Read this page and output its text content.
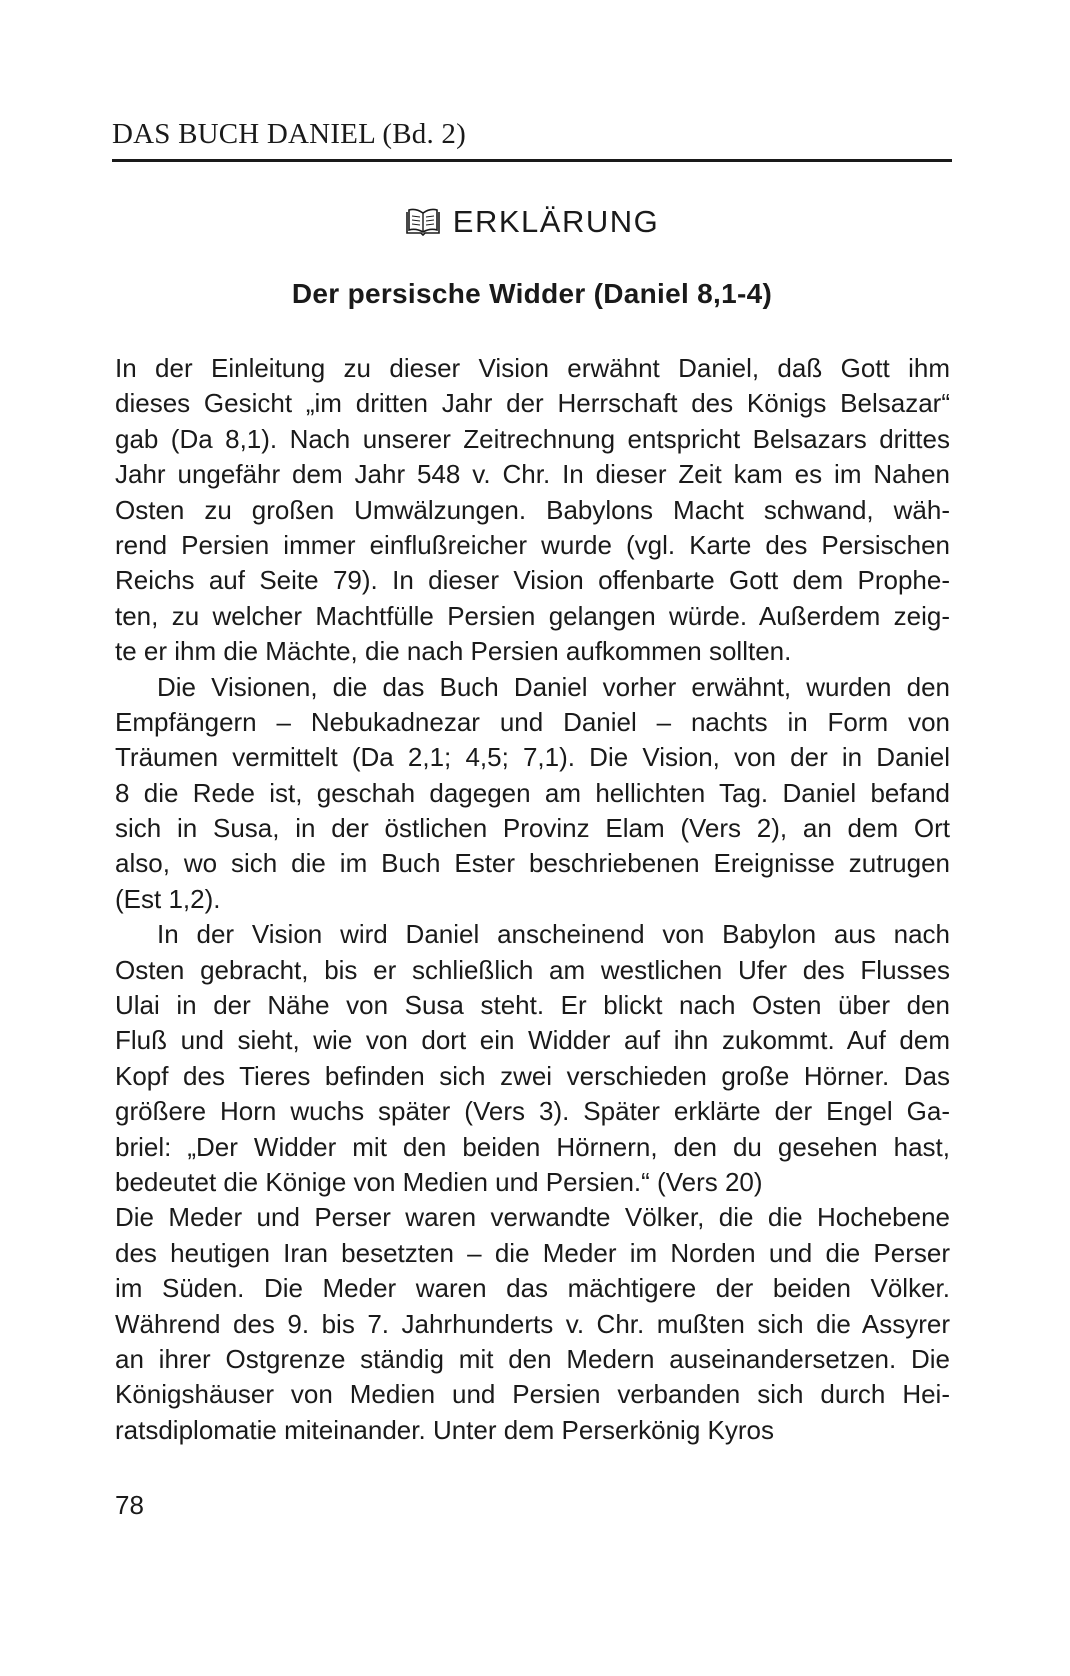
DAS BUCH DANIEL (Bd. 2)
ERKLÄRUNG
Der persische Widder (Daniel 8,1-4)
In der Einleitung zu dieser Vision erwähnt Daniel, daß Gott ihm
dieses Gesicht „im dritten Jahr der Herrschaft des Königs Belsazar“
gab (Da 8,1). Nach unserer Zeitrechnung entspricht Belsazars drittes
Jahr ungefähr dem Jahr 548 v. Chr. In dieser Zeit kam es im Nahen
Osten zu großen Umwälzungen. Babylons Macht schwand, wäh-
rend Persien immer einflußreicher wurde (vgl. Karte des Persischen
Reichs auf Seite 79). In dieser Vision offenbarte Gott dem Prophe-
ten, zu welcher Machtfülle Persien gelangen würde. Außerdem zeig-
te er ihm die Mächte, die nach Persien aufkommen sollten.
Die Visionen, die das Buch Daniel vorher erwähnt, wurden den
Empfängern – Nebukadnezar und Daniel – nachts in Form von
Träumen vermittelt (Da 2,1; 4,5; 7,1). Die Vision, von der in Daniel
8 die Rede ist, geschah dagegen am hellichten Tag. Daniel befand
sich in Susa, in der östlichen Provinz Elam (Vers 2), an dem Ort
also, wo sich die im Buch Ester beschriebenen Ereignisse zutrugen
(Est 1,2).
In der Vision wird Daniel anscheinend von Babylon aus nach
Osten gebracht, bis er schließlich am westlichen Ufer des Flusses
Ulai in der Nähe von Susa steht. Er blickt nach Osten über den
Fluß und sieht, wie von dort ein Widder auf ihn zukommt. Auf dem
Kopf des Tieres befinden sich zwei verschieden große Hörner. Das
größere Horn wuchs später (Vers 3). Später erklärte der Engel Ga-
briel: „Der Widder mit den beiden Hörnern, den du gesehen hast,
bedeutet die Könige von Medien und Persien.“ (Vers 20)
Die Meder und Perser waren verwandte Völker, die die Hochebene
des heutigen Iran besetzten – die Meder im Norden und die Perser
im Süden. Die Meder waren das mächtigere der beiden Völker.
Während des 9. bis 7. Jahrhunderts v. Chr. mußten sich die Assyrer
an ihrer Ostgrenze ständig mit den Medern auseinandersetzen. Die
Königshäuser von Medien und Persien verbanden sich durch Hei-
ratsdiplomatie miteinander. Unter dem Perserkönig Kyros
78
